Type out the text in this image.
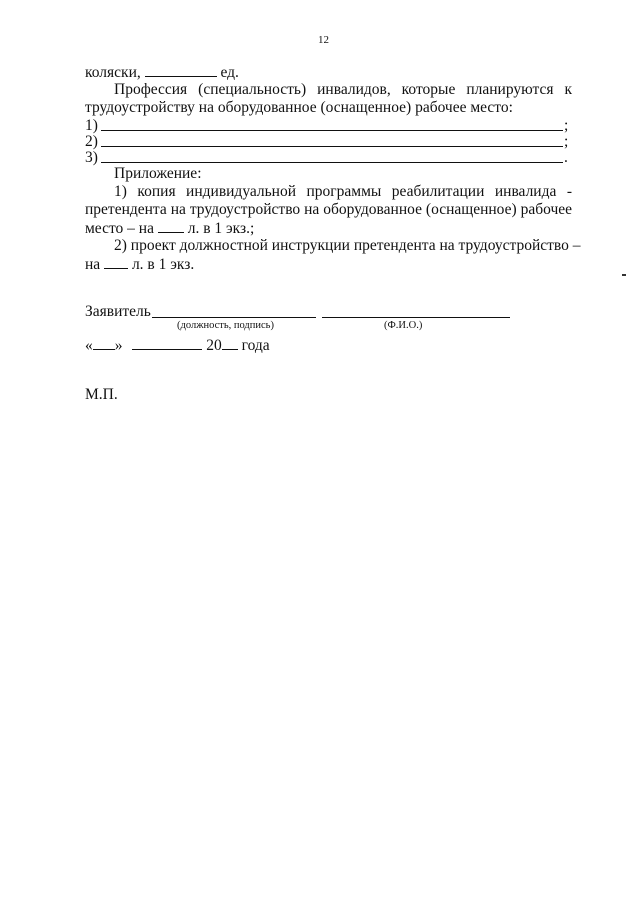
12
коляски,	ед.
Профессия (специальность) инвалидов, которые планируются к
трудоустройству на оборудованное (оснащенное) рабочее место:
1)	;
2)	;
3)	.
Приложение:
1) копия индивидуальной программы реабилитации инвалида -
претендента на трудоустройство на оборудованное (оснащенное) рабочее
место – на л. в 1 экз.;
2) проект должностной инструкции претендента на трудоустройство –
на л. в 1 экз.
Заявитель
(должность, подпись)	(Ф.И.О.)
« »	20 года
М.П.
